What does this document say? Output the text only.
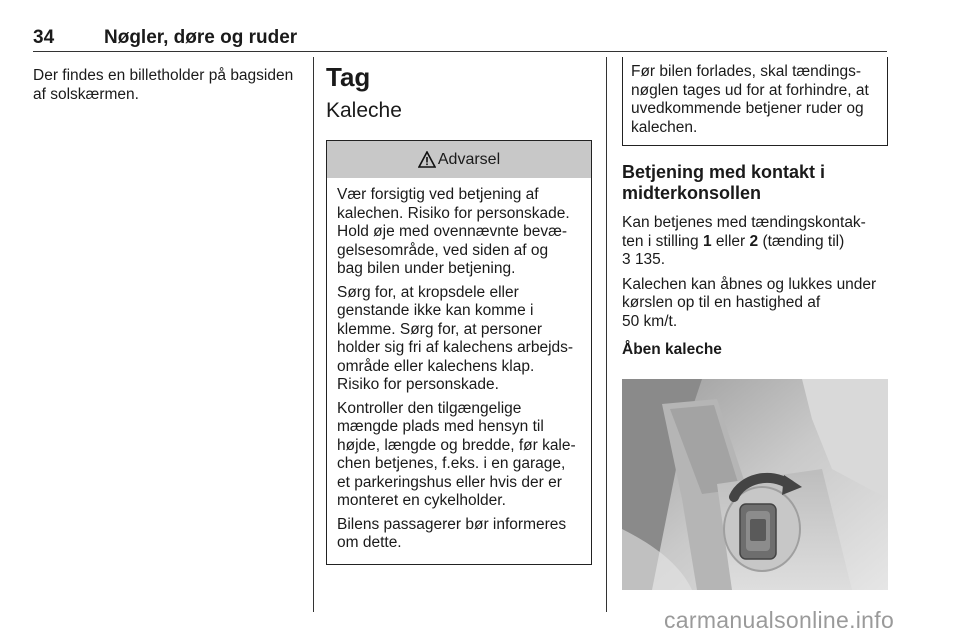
34	Nøgler, døre og ruder

Der findes en billetholder på bagsiden
af solskærmen.

Tag
Kaleche
Advarsel

Vær forsigtig ved betjening af
kalechen. Risiko for personskade.
Hold øje med ovennævnte bevæ-
gelsesområde, ved siden af og
bag bilen under betjening.

Sørg for, at kropsdele eller
genstande ikke kan komme i
klemme. Sørg for, at personer
holder sig fri af kalechens arbejds-
område eller kalechens klap.
Risiko for personskade.

Kontroller den tilgængelige
mængde plads med hensyn til
højde, længde og bredde, før kale-
chen betjenes, f.eks. i en garage,
et parkeringshus eller hvis der er
monteret en cykelholder.

Bilens passagerer bør informeres
om dette.

Før bilen forlades, skal tændings-
nøglen tages ud for at forhindre, at
uvedkommende betjener ruder og
kalechen.
Betjening med kontakt i
midterkonsollen

Kan betjenes med tændingskontak-
ten i stilling 1 eller 2 (tænding til)
3 135.

Kalechen kan åbnes og lukkes under
kørslen op til en hastighed af
50 km/t.

Åben kaleche
carmanualsonline.info
